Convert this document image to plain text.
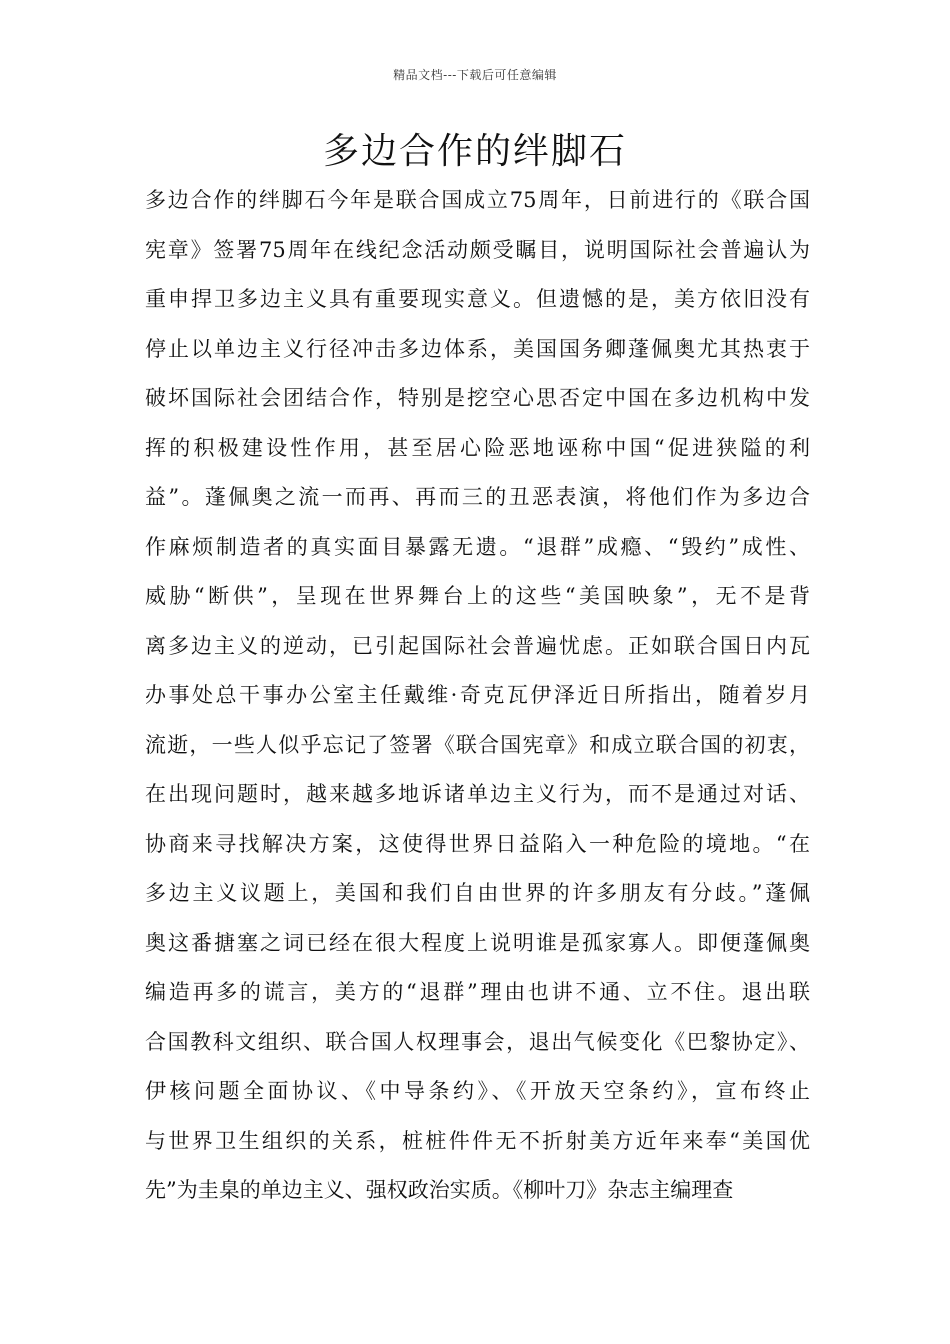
精品文档---下载后可任意编辑
多边合作的绊脚石
多边合作的绊脚石今年是联合国成立75周年，日前进行的《联合国
宪章》签署75周年在线纪念活动颇受瞩目，说明国际社会普遍认为
重申捍卫多边主义具有重要现实意义。但遗憾的是，美方依旧没有
停止以单边主义行径冲击多边体系，美国国务卿蓬佩奥尤其热衷于
破坏国际社会团结合作，特别是挖空心思否定中国在多边机构中发
挥的积极建设性作用，甚至居心险恶地诬称中国“促进狭隘的利
益”。蓬佩奥之流一而再、再而三的丑恶表演，将他们作为多边合
作麻烦制造者的真实面目暴露无遗。“退群”成瘾、“毁约”成性、
威胁“断供”，呈现在世界舞台上的这些“美国映象”，无不是背
离多边主义的逆动，已引起国际社会普遍忧虑。正如联合国日内瓦
办事处总干事办公室主任戴维·奇克瓦伊泽近日所指出，随着岁月
流逝，一些人似乎忘记了签署《联合国宪章》和成立联合国的初衷，
在出现问题时，越来越多地诉诸单边主义行为，而不是通过对话、
协商来寻找解决方案，这使得世界日益陷入一种危险的境地。“在
多边主义议题上，美国和我们自由世界的许多朋友有分歧。”蓬佩
奥这番搪塞之词已经在很大程度上说明谁是孤家寡人。即便蓬佩奥
编造再多的谎言，美方的“退群”理由也讲不通、立不住。退出联
合国教科文组织、联合国人权理事会，退出气候变化《巴黎协定》、
伊核问题全面协议、《中导条约》、《开放天空条约》，宣布终止
与世界卫生组织的关系，桩桩件件无不折射美方近年来奉“美国优
先”为圭臬的单边主义、强权政治实质。《柳叶刀》杂志主编理查
